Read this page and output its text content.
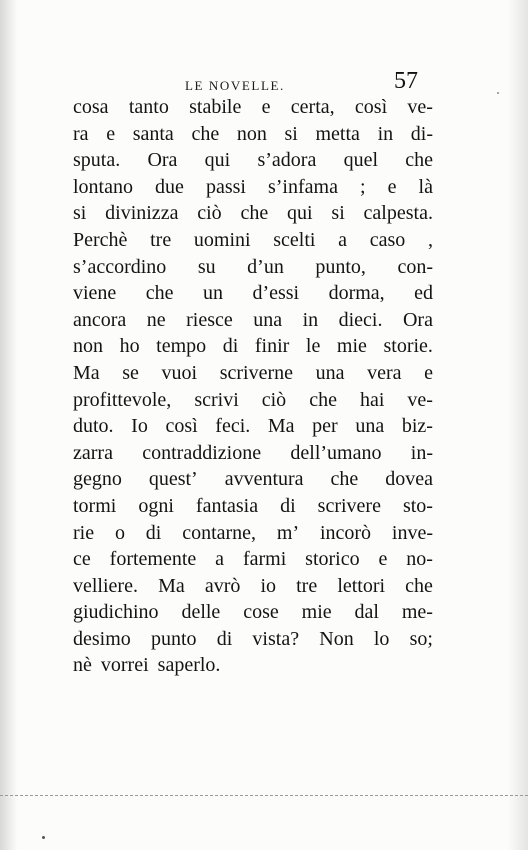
LE NOVELLE.	57
cosa tanto stabile e certa, così ve-
ra e santa che non si metta in di-
sputa. Ora qui s’adora quel che
lontano due passi s’infama ; e là
si divinizza ciò che qui si calpesta.
Perchè tre uomini scelti a caso ,
s’accordino su d’un punto, con-
viene che un d’essi dorma, ed
ancora ne riesce una in dieci. Ora
non ho tempo di finir le mie storie.
Ma se vuoi scriverne una vera e
profittevole, scrivi ciò che hai ve-
duto. Io così feci. Ma per una biz-
zarra contraddizione dell’umano in-
gegno quest’ avventura che dovea
tormi ogni fantasia di scrivere sto-
rie o di contarne, m’ incorò inve-
ce fortemente a farmi storico e no-
velliere. Ma avrò io tre lettori che
giudichino delle cose mie dal me-
desimo punto di vista? Non lo so;
nè vorrei saperlo.
